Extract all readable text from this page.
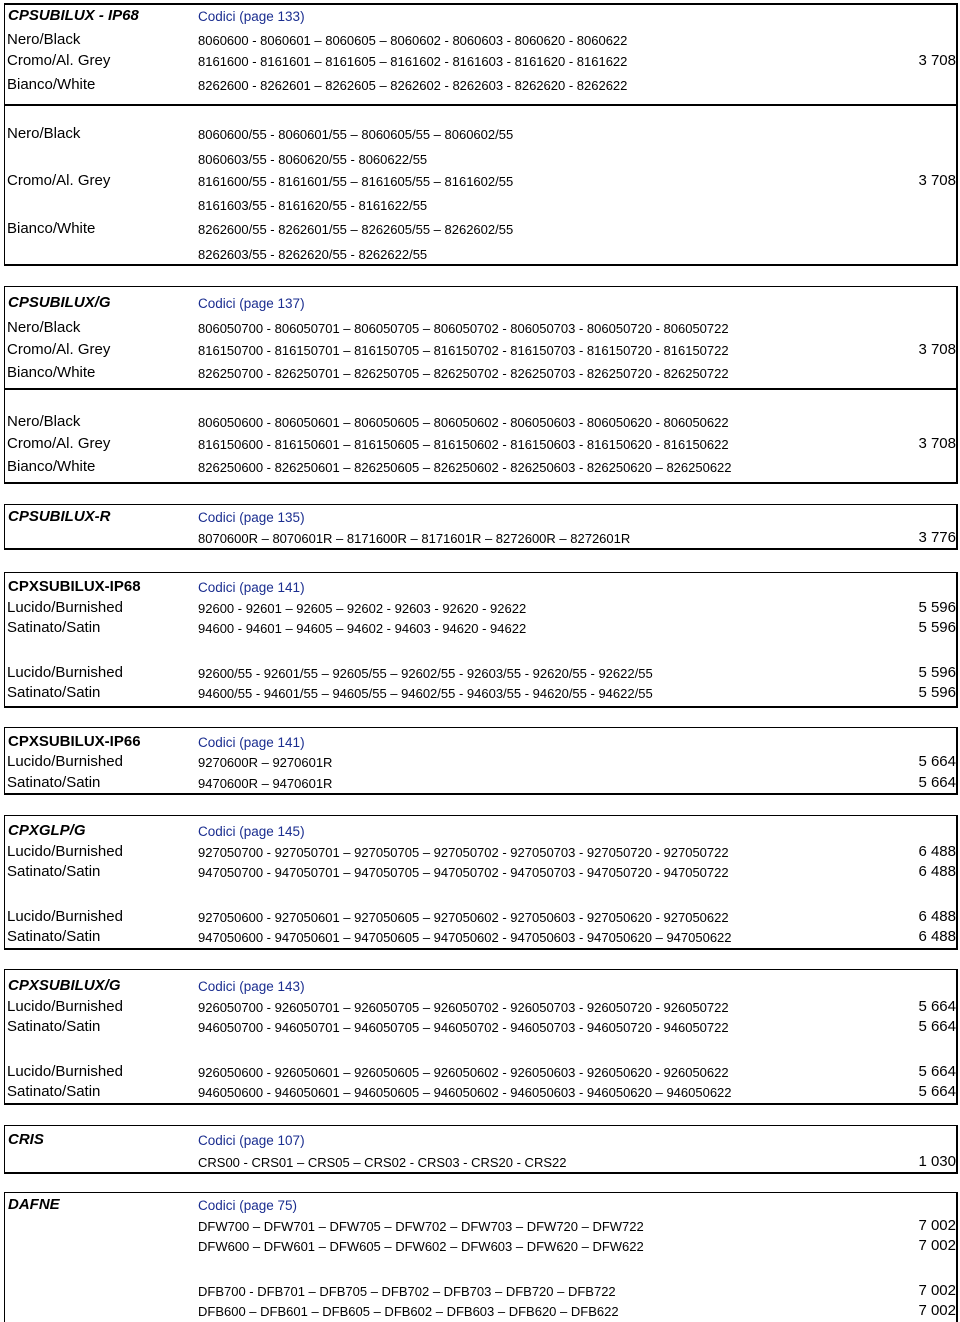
CPSUBILUX - IP68	Codici (page 133)
Nero/Black	8060600 - 8060601 – 8060605 – 8060602 - 8060603 - 8060620 - 8060622
Cromo/Al. Grey	8161600 - 8161601 – 8161605 – 8161602 - 8161603 - 8161620 - 8161622	3 708
Bianco/White	8262600 - 8262601 – 8262605 – 8262602 - 8262603 - 8262620 - 8262622
Nero/Black	8060600/55 - 8060601/55 – 8060605/55 – 8060602/55
8060603/55 - 8060620/55 - 8060622/55
Cromo/Al. Grey	8161600/55 - 8161601/55 – 8161605/55 – 8161602/55	3 708
8161603/55 - 8161620/55 - 8161622/55
Bianco/White	8262600/55 - 8262601/55 – 8262605/55 – 8262602/55
8262603/55 - 8262620/55 - 8262622/55
CPSUBILUX/G	Codici (page 137)
Nero/Black	806050700 - 806050701 – 806050705 – 806050702 - 806050703 - 806050720 - 806050722
Cromo/Al. Grey	816150700 - 816150701 – 816150705 – 816150702 - 816150703 - 816150720 - 816150722	3 708
Bianco/White	826250700 - 826250701 – 826250705 – 826250702 - 826250703 - 826250720 - 826250722
Nero/Black	806050600 - 806050601 – 806050605 – 806050602 - 806050603 - 806050620 - 806050622
Cromo/Al. Grey	816150600 - 816150601 – 816150605 – 816150602 - 816150603 - 816150620 - 816150622	3 708
Bianco/White	826250600 - 826250601 – 826250605 – 826250602 - 826250603 - 826250620 – 826250622
CPSUBILUX-R	Codici (page 135)
8070600R – 8070601R – 8171600R – 8171601R – 8272600R – 8272601R	3 776
CPXSUBILUX-IP68	Codici (page 141)
Lucido/Burnished	92600 - 92601 – 92605 – 92602 - 92603 - 92620 - 92622	5 596
Satinato/Satin	94600 - 94601 – 94605 – 94602 - 94603 - 94620 - 94622	5 596
Lucido/Burnished	92600/55 - 92601/55 – 92605/55 – 92602/55 - 92603/55 - 92620/55 - 92622/55	5 596
Satinato/Satin	94600/55 - 94601/55 – 94605/55 – 94602/55 - 94603/55 - 94620/55 - 94622/55	5 596
CPXSUBILUX-IP66	Codici (page 141)
Lucido/Burnished	9270600R – 9270601R	5 664
Satinato/Satin	9470600R – 9470601R	5 664
CPXGLP/G	Codici (page 145)
Lucido/Burnished	927050700 - 927050701 – 927050705 – 927050702 - 927050703 - 927050720 - 927050722	6 488
Satinato/Satin	947050700 - 947050701 – 947050705 – 947050702 - 947050703 - 947050720 - 947050722	6 488
Lucido/Burnished	927050600 - 927050601 – 927050605 – 927050602 - 927050603 - 927050620 - 927050622	6 488
Satinato/Satin	947050600 - 947050601 – 947050605 – 947050602 - 947050603 - 947050620 – 947050622	6 488
CPXSUBILUX/G	Codici (page 143)
Lucido/Burnished	926050700 - 926050701 – 926050705 – 926050702 - 926050703 - 926050720 - 926050722	5 664
Satinato/Satin	946050700 - 946050701 – 946050705 – 946050702 - 946050703 - 946050720 - 946050722	5 664
Lucido/Burnished	926050600 - 926050601 – 926050605 – 926050602 - 926050603 - 926050620 - 926050622	5 664
Satinato/Satin	946050600 - 946050601 – 946050605 – 946050602 - 946050603 - 946050620 – 946050622	5 664
CRIS	Codici (page 107)
CRS00 - CRS01 – CRS05 – CRS02 - CRS03 - CRS20 - CRS22	1 030
DAFNE	Codici (page 75)
DFW700 – DFW701 – DFW705 – DFW702 – DFW703 – DFW720 – DFW722	7 002
DFW600 – DFW601 – DFW605 – DFW602 – DFW603 – DFW620 – DFW622	7 002
DFB700 - DFB701 – DFB705 – DFB702 – DFB703 – DFB720 – DFB722	7 002
DFB600 – DFB601 – DFB605 – DFB602 – DFB603 – DFB620 – DFB622	7 002
